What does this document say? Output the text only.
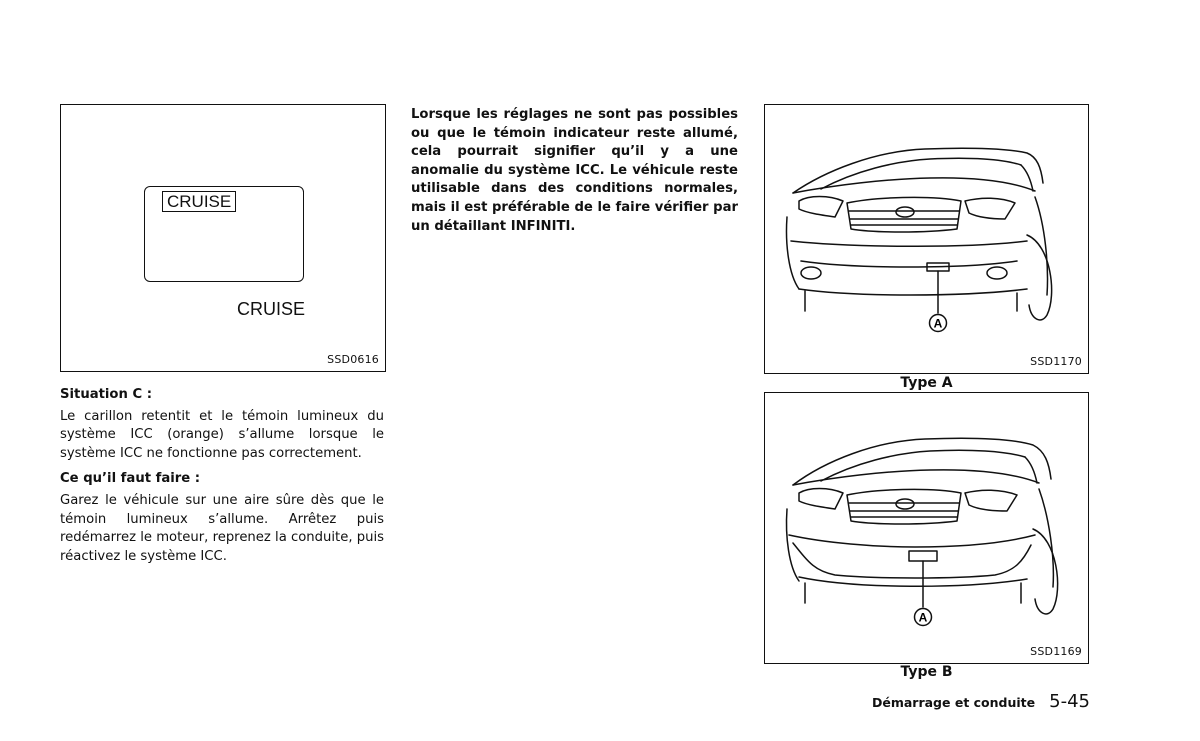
CRUISE
CRUISE
SSD0616

Situation C :

Le carillon retentit et le témoin lumineux du système ICC (orange) s’allume lorsque le système ICC ne fonctionne pas correctement.

Ce qu’il faut faire :

Garez le véhicule sur une aire sûre dès que le témoin lumineux s’allume. Arrêtez puis redémarrez le moteur, reprenez la conduite, puis réactivez le système ICC.

Lorsque les réglages ne sont pas possibles ou que le témoin indicateur reste allumé, cela pourrait signifier qu’il y a une anomalie du système ICC. Le véhicule reste utilisable dans des conditions normales, mais il est préférable de le faire vérifier par un détaillant INFINITI.

A
SSD1170
Type A
A
SSD1169
Type B
Démarrage et conduite 5-45
